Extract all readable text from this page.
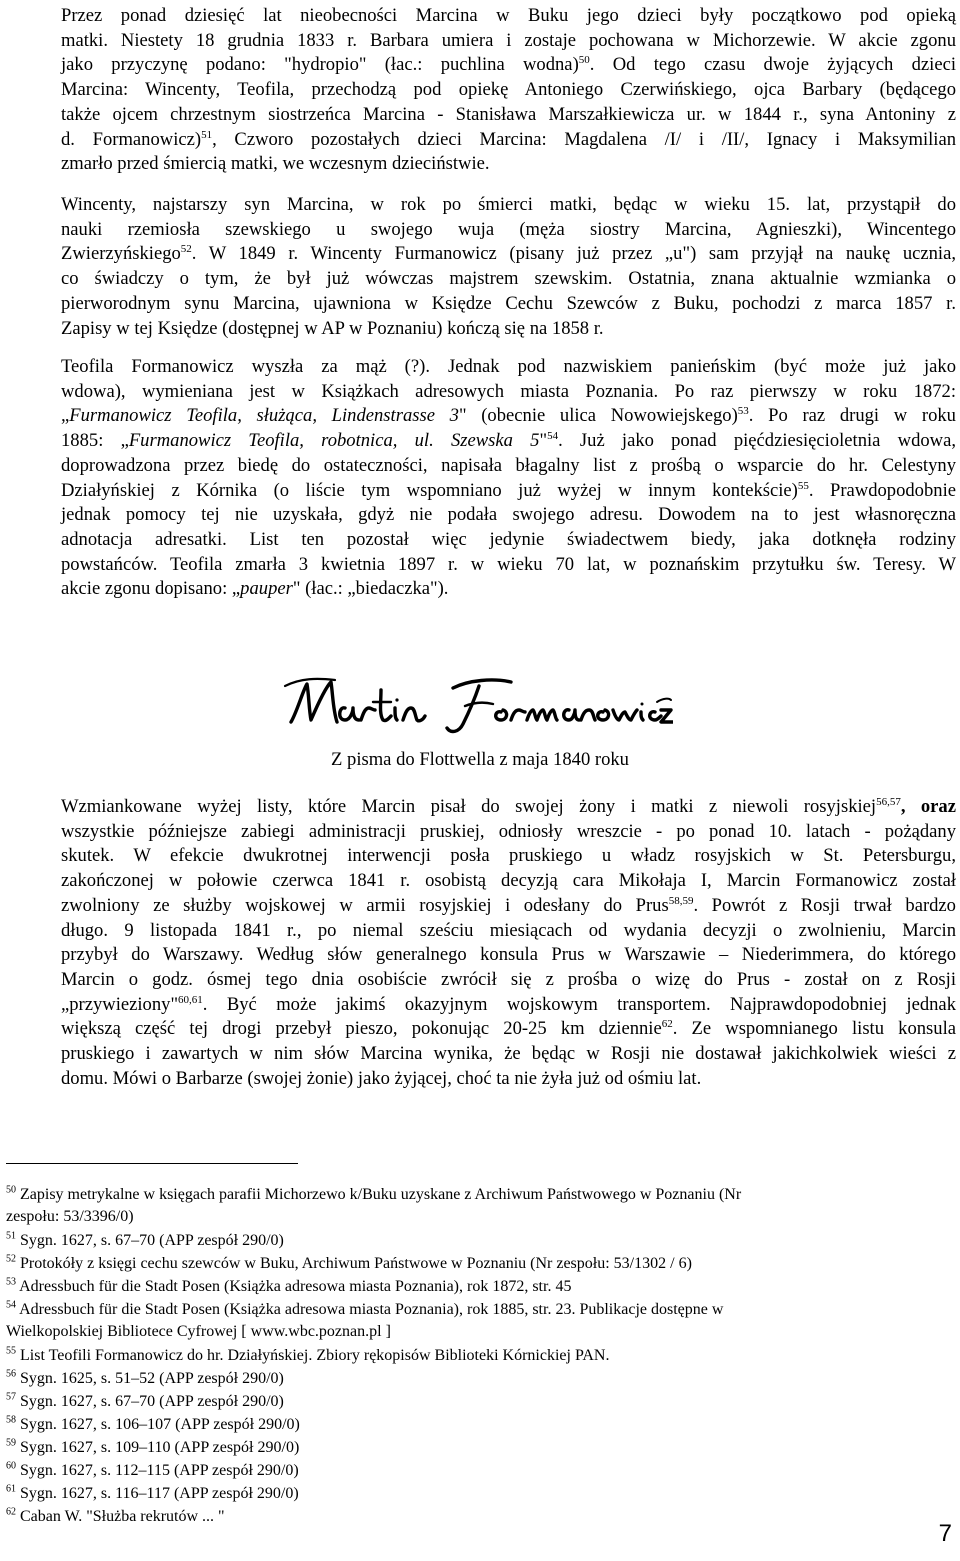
Przez ponad dziesięć lat nieobecności Marcina w Buku jego dzieci były początkowo pod opieką
matki. Niestety 18 grudnia 1833 r. Barbara umiera i zostaje pochowana w Michorzewie. W akcie zgonu
jako przyczynę podano: "hydropio" (łac.: puchlina wodna)$^{50}$. Od tego czasu dwoje żyjących dzieci
Marcina: Wincenty, Teofila, przechodzą pod opiekę Antoniego Czerwińskiego, ojca Barbary (będącego
także ojcem chrzestnym siostrzeńca Marcina - Stanisława Marszałkiewicza ur. w 1844 r., syna Antoniny z
d. Formanowicz)$^{51}$, Czworo pozostałych dzieci Marcina: Magdalena /I/ i /II/, Ignacy i Maksymilian
zmarło przed śmiercią matki, we wczesnym dzieciństwie.
Wincenty, najstarszy syn Marcina, w rok po śmierci matki, będąc w wieku 15. lat, przystąpił do
nauki rzemiosła szewskiego u swojego wuja (męża siostry Marcina, Agnieszki), Wincentego
Zwierzyńskiego$^{52}$. W 1849 r. Wincenty Furmanowicz (pisany już przez „u") sam przyjął na naukę ucznia,
co świadczy o tym, że był już wówczas majstrem szewskim. Ostatnia, znana aktualnie wzmianka o
pierworodnym synu Marcina, ujawniona w Księdze Cechu Szewców z Buku, pochodzi z marca 1857 r.
Zapisy w tej Księdze (dostępnej w AP w Poznaniu) kończą się na 1858 r.
Teofila Formanowicz wyszła za mąż (?). Jednak pod nazwiskiem panieńskim (być może już jako
wdowa), wymieniana jest w Książkach adresowych miasta Poznania. Po raz pierwszy w roku 1872:
„Furmanowicz Teofila, służąca, Lindenstrasse 3" (obecnie ulica Nowowiejskego)$^{53}$. Po raz drugi w roku
1885: „Furmanowicz Teofila, robotnica, ul. Szewska 5"$^{54}$. Już jako ponad pięćdziesięcioletnia wdowa,
doprowadzona przez biedę do ostateczności, napisała błagalny list z prośbą o wsparcie do hr. Celestyny
Działyńskiej z Kórnika (o liście tym wspomniano już wyżej w innym kontekście)$^{55}$. Prawdopodobnie
jednak pomocy tej nie uzyskała, gdyż nie podała swojego adresu. Dowodem na to jest własnoręczna
adnotacja adresatki. List ten pozostał więc jedynie świadectwem biedy, jaka dotknęła rodziny
powstańców. Teofila zmarła 3 kwietnia 1897 r. w wieku 70 lat, w poznańskim przytułku św. Teresy. W
akcie zgonu dopisano: „pauper" (łac.: „biedaczka").
Z pisma do Flottwella z maja 1840 roku
Wzmiankowane wyżej listy, które Marcin pisał do swojej żony i matki z niewoli rosyjskiej$^{56,57}$, oraz
wszystkie późniejsze zabiegi administracji pruskiej, odniosły wreszcie - po ponad 10. latach - pożądany
skutek. W efekcie dwukrotnej interwencji posła pruskiego u władz rosyjskich w St. Petersburgu,
zakończonej w połowie czerwca 1841 r. osobistą decyzją cara Mikołaja I, Marcin Formanowicz został
zwolniony ze służby wojskowej w armii rosyjskiej i odesłany do Prus$^{58,59}$. Powrót z Rosji trwał bardzo
długo. 9 listopada 1841 r., po niemal sześciu miesiącach od wydania decyzji o zwolnieniu, Marcin
przybył do Warszawy. Według słów generalnego konsula Prus w Warszawie – Niederimmera, do którego
Marcin o godz. ósmej tego dnia osobiście zwrócił się z prośba o wizę do Prus - został on z Rosji
„przywieziony"$^{60,61}$. Być może jakimś okazyjnym wojskowym transportem. Najprawdopodobniej jednak
większą część tej drogi przebył pieszo, pokonując 20-25 km dziennie$^{62}$. Ze wspomnianego listu konsula
pruskiego i zawartych w nim słów Marcina wynika, że będąc w Rosji nie dostawał jakichkolwiek wieści z
domu. Mówi o Barbarze (swojej żonie) jako żyjącej, choć ta nie żyła już od ośmiu lat.
$^{50}$ Zapisy metrykalne w księgach parafii Michorzewo k/Buku uzyskane z Archiwum Państwowego w Poznaniu (Nr
zespołu: 53/3396/0)
$^{51}$ Sygn. 1627, s. 67–70 (APP zespół 290/0)
$^{52}$ Protokóły z księgi cechu szewców w Buku, Archiwum Państwowe w Poznaniu (Nr zespołu: 53/1302 / 6)
$^{53}$ Adressbuch für die Stadt Posen (Książka adresowa miasta Poznania), rok 1872, str. 45
$^{54}$ Adressbuch für die Stadt Posen (Książka adresowa miasta Poznania), rok 1885, str. 23. Publikacje dostępne w
Wielkopolskiej Bibliotece Cyfrowej [ www.wbc.poznan.pl ]
$^{55}$ List Teofili Formanowicz do hr. Działyńskiej. Zbiory rękopisów Biblioteki Kórnickiej PAN.
$^{56}$ Sygn. 1625, s. 51–52 (APP zespół 290/0)
$^{57}$ Sygn. 1627, s. 67–70 (APP zespół 290/0)
$^{58}$ Sygn. 1627, s. 106–107 (APP zespół 290/0)
$^{59}$ Sygn. 1627, s. 109–110 (APP zespół 290/0)
$^{60}$ Sygn. 1627, s. 112–115 (APP zespół 290/0)
$^{61}$ Sygn. 1627, s. 116–117 (APP zespół 290/0)
$^{62}$ Caban W. "Służba rekrutów ... "
7
